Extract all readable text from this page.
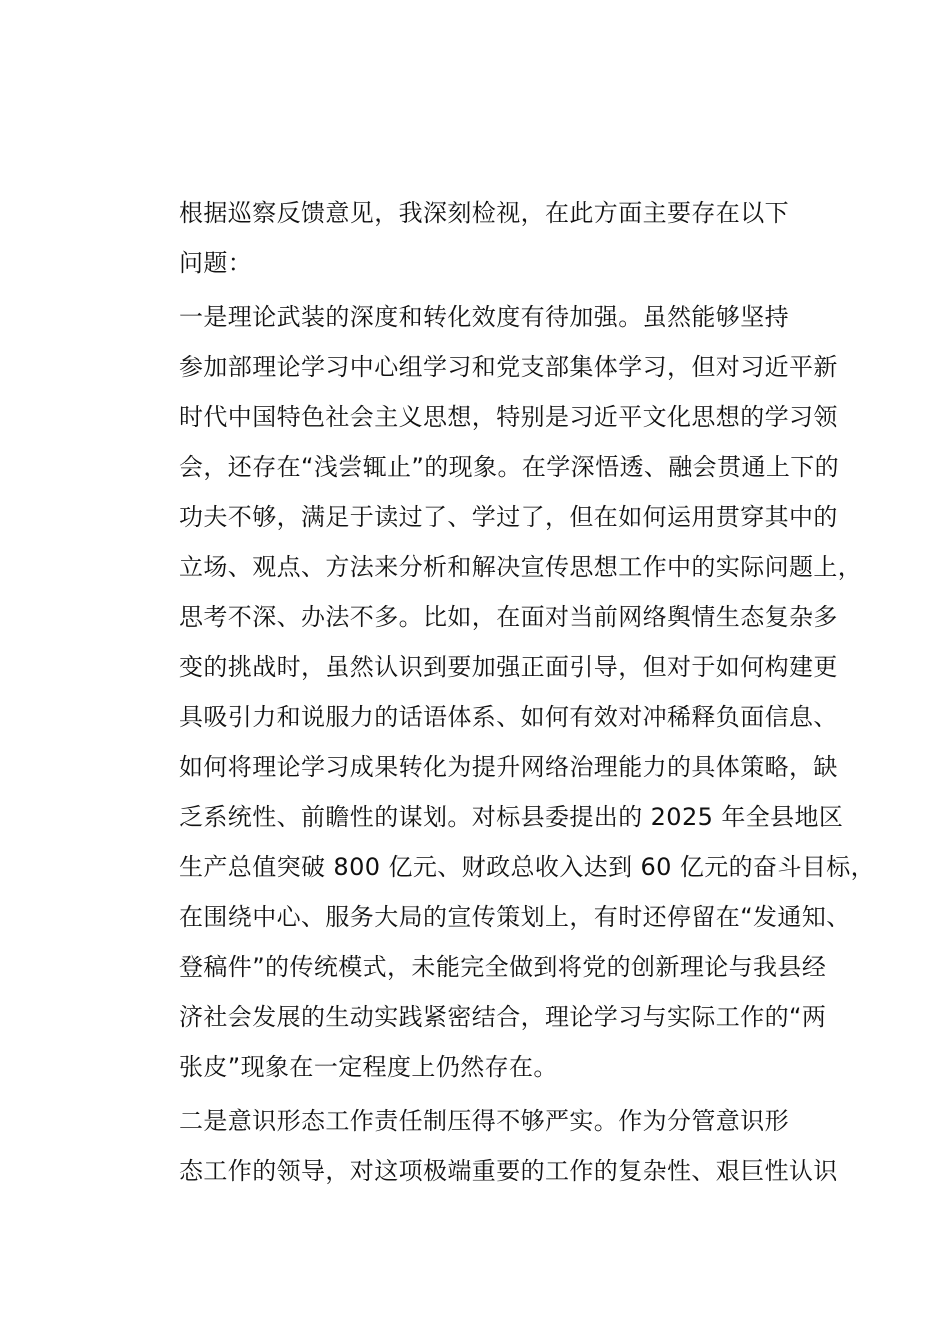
根据巡察反馈意见，我深刻检视，在此方面主要存在以下
问题：

一是理论武装的深度和转化效度有待加强。虽然能够坚持
参加部理论学习中心组学习和党支部集体学习，但对习近平新
时代中国特色社会主义思想，特别是习近平文化思想的学习领
会，还存在“浅尝辄止”的现象。在学深悟透、融会贯通上下的
功夫不够，满足于读过了、学过了，但在如何运用贯穿其中的
立场、观点、方法来分析和解决宣传思想工作中的实际问题上，
思考不深、办法不多。比如，在面对当前网络舆情生态复杂多
变的挑战时，虽然认识到要加强正面引导，但对于如何构建更
具吸引力和说服力的话语体系、如何有效对冲稀释负面信息、
如何将理论学习成果转化为提升网络治理能力的具体策略，缺
乏系统性、前瞻性的谋划。对标县委提出的 2025 年全县地区
生产总值突破 800 亿元、财政总收入达到 60 亿元的奋斗目标，
在围绕中心、服务大局的宣传策划上，有时还停留在“发通知、
登稿件”的传统模式，未能完全做到将党的创新理论与我县经
济社会发展的生动实践紧密结合，理论学习与实际工作的“两
张皮”现象在一定程度上仍然存在。

二是意识形态工作责任制压得不够严实。作为分管意识形
态工作的领导，对这项极端重要的工作的复杂性、艰巨性认识
